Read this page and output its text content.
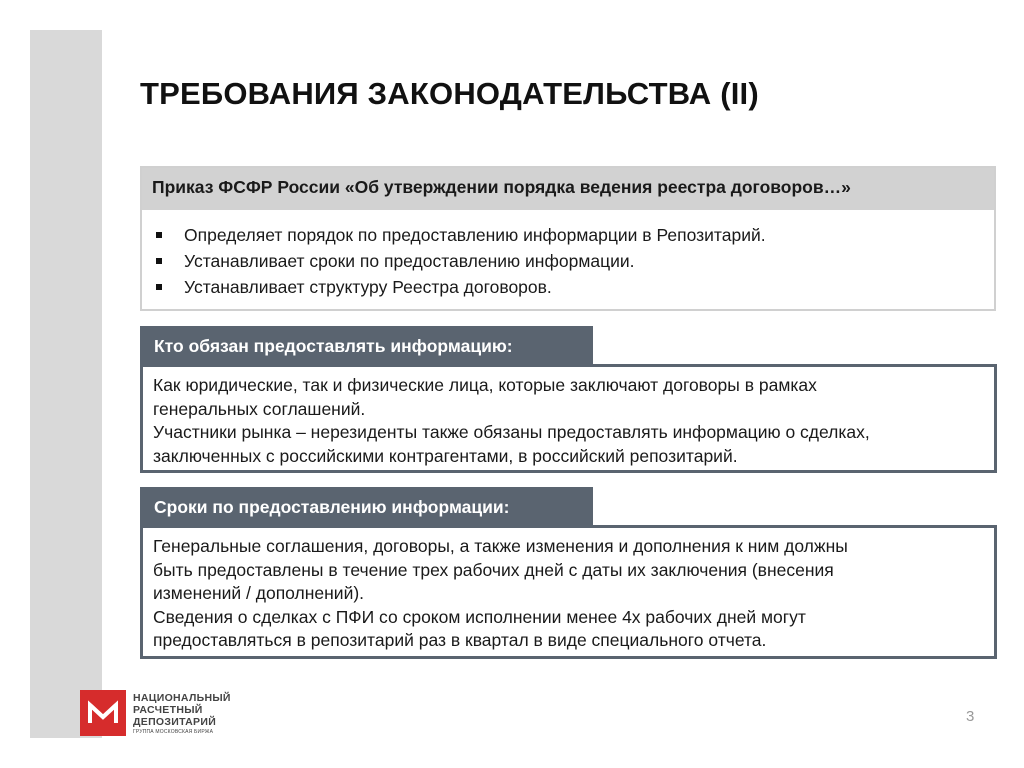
ТРЕБОВАНИЯ ЗАКОНОДАТЕЛЬСТВА (II)
Приказ ФСФР России «Об утверждении порядка ведения реестра договоров…»
Определяет порядок по предоставлению информарции в Репозитарий.
Устанавливает сроки по предоставлению информации.
Устанавливает структуру Реестра договоров.
Кто обязан предоставлять информацию:

Как юридические, так и физические лица, которые заключают договоры в рамках

генеральных соглашений.

Участники рынка – нерезиденты также обязаны предоставлять информацию о сделках,

заключенных с российскими контрагентами, в российский репозитарий.

Сроки по предоставлению информации:

Генеральные соглашения, договоры, а также изменения и дополнения к ним должны

быть предоставлены в течение трех рабочих дней с даты их заключения (внесения

изменений / дополнений).

Сведения о сделках с ПФИ со сроком исполнении менее 4х рабочих дней могут

предоставляться в репозитарий раз в квартал в виде специального отчета.

НАЦИОНАЛЬНЫЙ
РАСЧЕТНЫЙ
ДЕПОЗИТАРИЙ
ГРУППА МОСКОВСКАЯ БИРЖА
3
